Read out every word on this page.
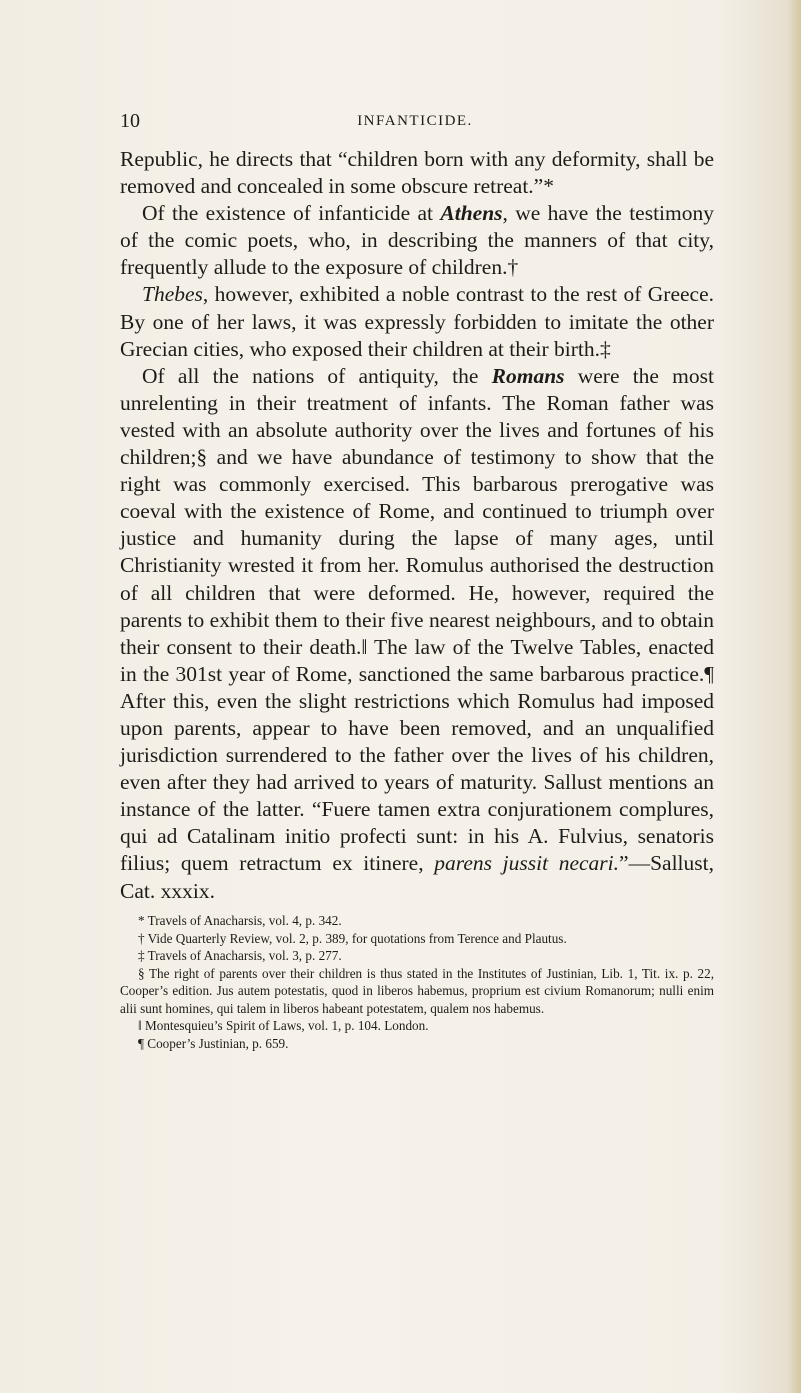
10	INFANTICIDE.

Republic, he directs that “children born with any deformity, shall be removed and concealed in some obscure retreat.”*

Of the existence of infanticide at Athens, we have the testimony of the comic poets, who, in describing the manners of that city, frequently allude to the exposure of children.†

Thebes, however, exhibited a noble contrast to the rest of Greece. By one of her laws, it was expressly forbidden to imitate the other Grecian cities, who exposed their children at their birth.‡

Of all the nations of antiquity, the Romans were the most unrelenting in their treatment of infants. The Roman father was vested with an absolute authority over the lives and fortunes of his children;§ and we have abundance of testimony to show that the right was commonly exercised. This barbarous prerogative was coeval with the existence of Rome, and continued to triumph over justice and humanity during the lapse of many ages, until Christianity wrested it from her. Romulus authorised the destruction of all children that were deformed. He, however, required the parents to exhibit them to their five nearest neighbours, and to obtain their consent to their death.‖ The law of the Twelve Tables, enacted in the 301st year of Rome, sanctioned the same barbarous practice.¶ After this, even the slight restrictions which Romulus had imposed upon parents, appear to have been removed, and an unqualified jurisdiction surrendered to the father over the lives of his children, even after they had arrived to years of maturity. Sallust mentions an instance of the latter. “Fuere tamen extra conjurationem complures, qui ad Catalinam initio profecti sunt: in his A. Fulvius, senatoris filius; quem retractum ex itinere, parens jussit necari.”—Sallust, Cat. xxxix.

* Travels of Anacharsis, vol. 4, p. 342.

† Vide Quarterly Review, vol. 2, p. 389, for quotations from Terence and Plautus.

‡ Travels of Anacharsis, vol. 3, p. 277.

§ The right of parents over their children is thus stated in the Institutes of Justinian, Lib. 1, Tit. ix. p. 22, Cooper’s edition. Jus autem potestatis, quod in liberos habemus, proprium est civium Romanorum; nulli enim alii sunt homines, qui talem in liberos habeant potestatem, qualem nos habemus.

‖ Montesquieu’s Spirit of Laws, vol. 1, p. 104. London.

¶ Cooper’s Justinian, p. 659.
